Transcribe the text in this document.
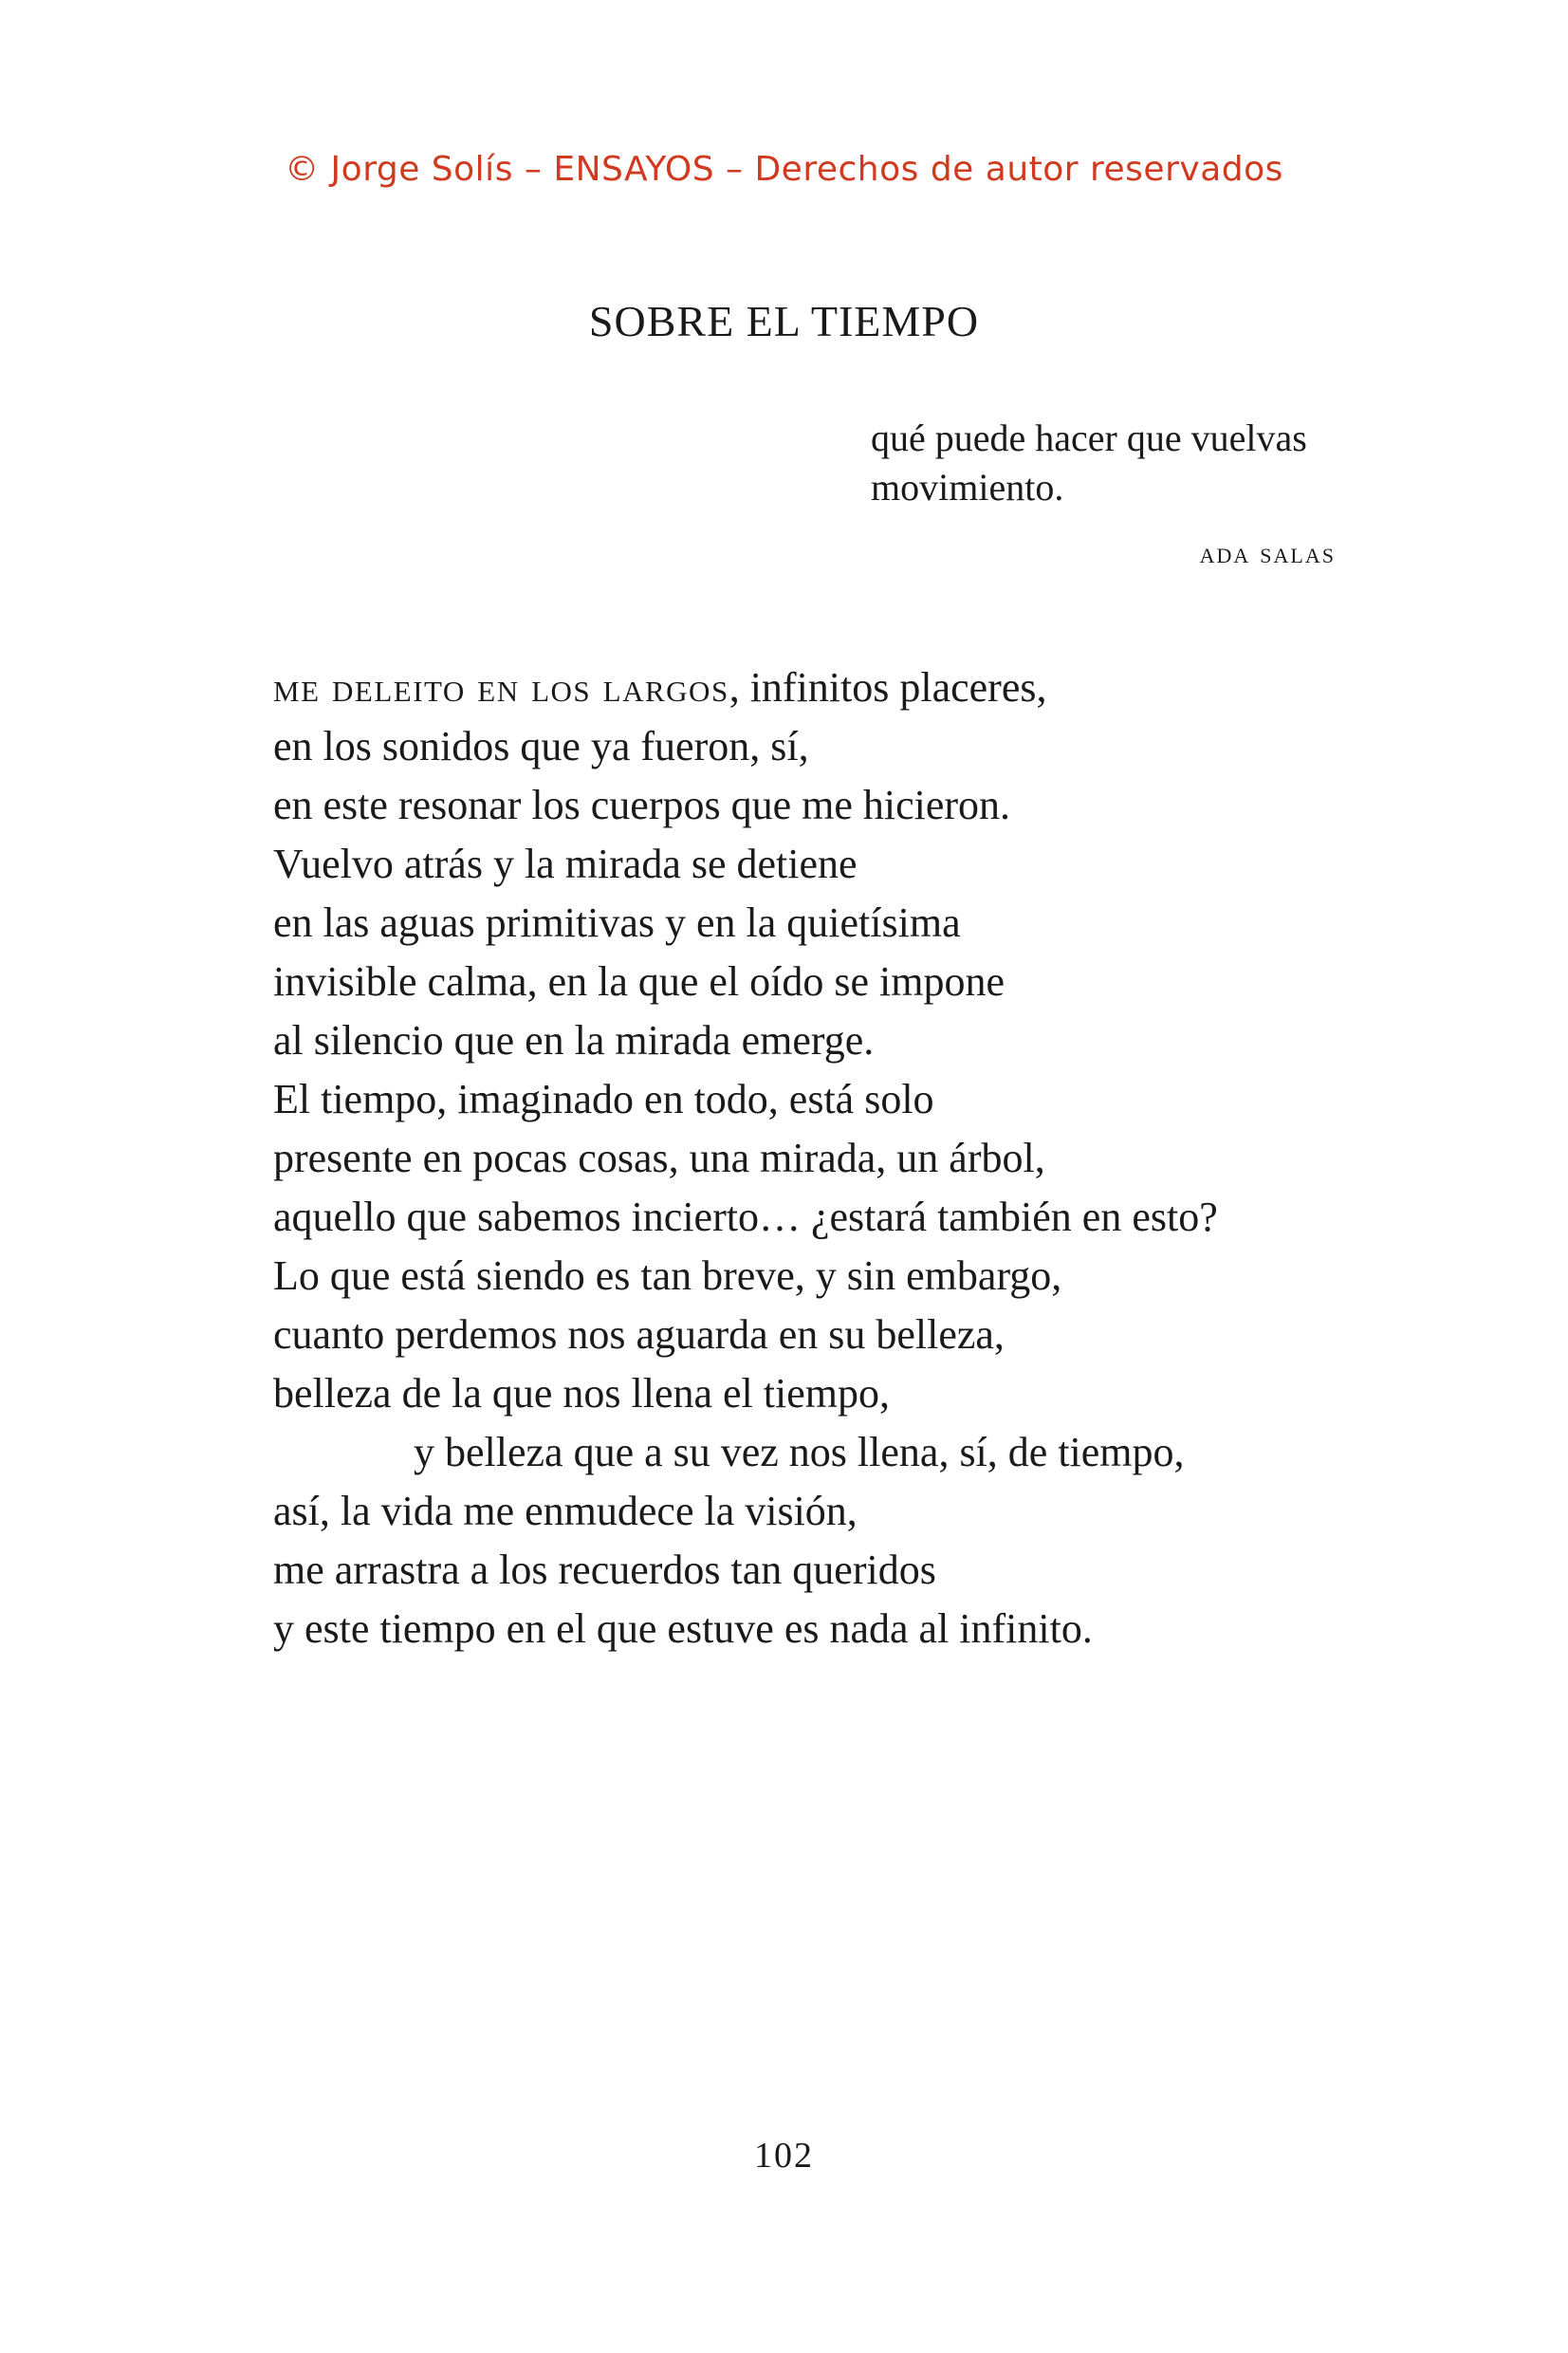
© Jorge Solís – ENSAYOS – Derechos de autor reservados
SOBRE EL TIEMPO
qué puede hacer que vuelvas
movimiento.
ada salas
me deleito en los largos, infinitos placeres,
en los sonidos que ya fueron, sí,
en este resonar los cuerpos que me hicieron.
Vuelvo atrás y la mirada se detiene
en las aguas primitivas y en la quietísima
invisible calma, en la que el oído se impone
al silencio que en la mirada emerge.
El tiempo, imaginado en todo, está solo
presente en pocas cosas, una mirada, un árbol,
aquello que sabemos incierto… ¿estará también en esto?
Lo que está siendo es tan breve, y sin embargo,
cuanto perdemos nos aguarda en su belleza,
belleza de la que nos llena el tiempo,
y belleza que a su vez nos llena, sí, de tiempo,
así, la vida me enmudece la visión,
me arrastra a los recuerdos tan queridos
y este tiempo en el que estuve es nada al infinito.
102
